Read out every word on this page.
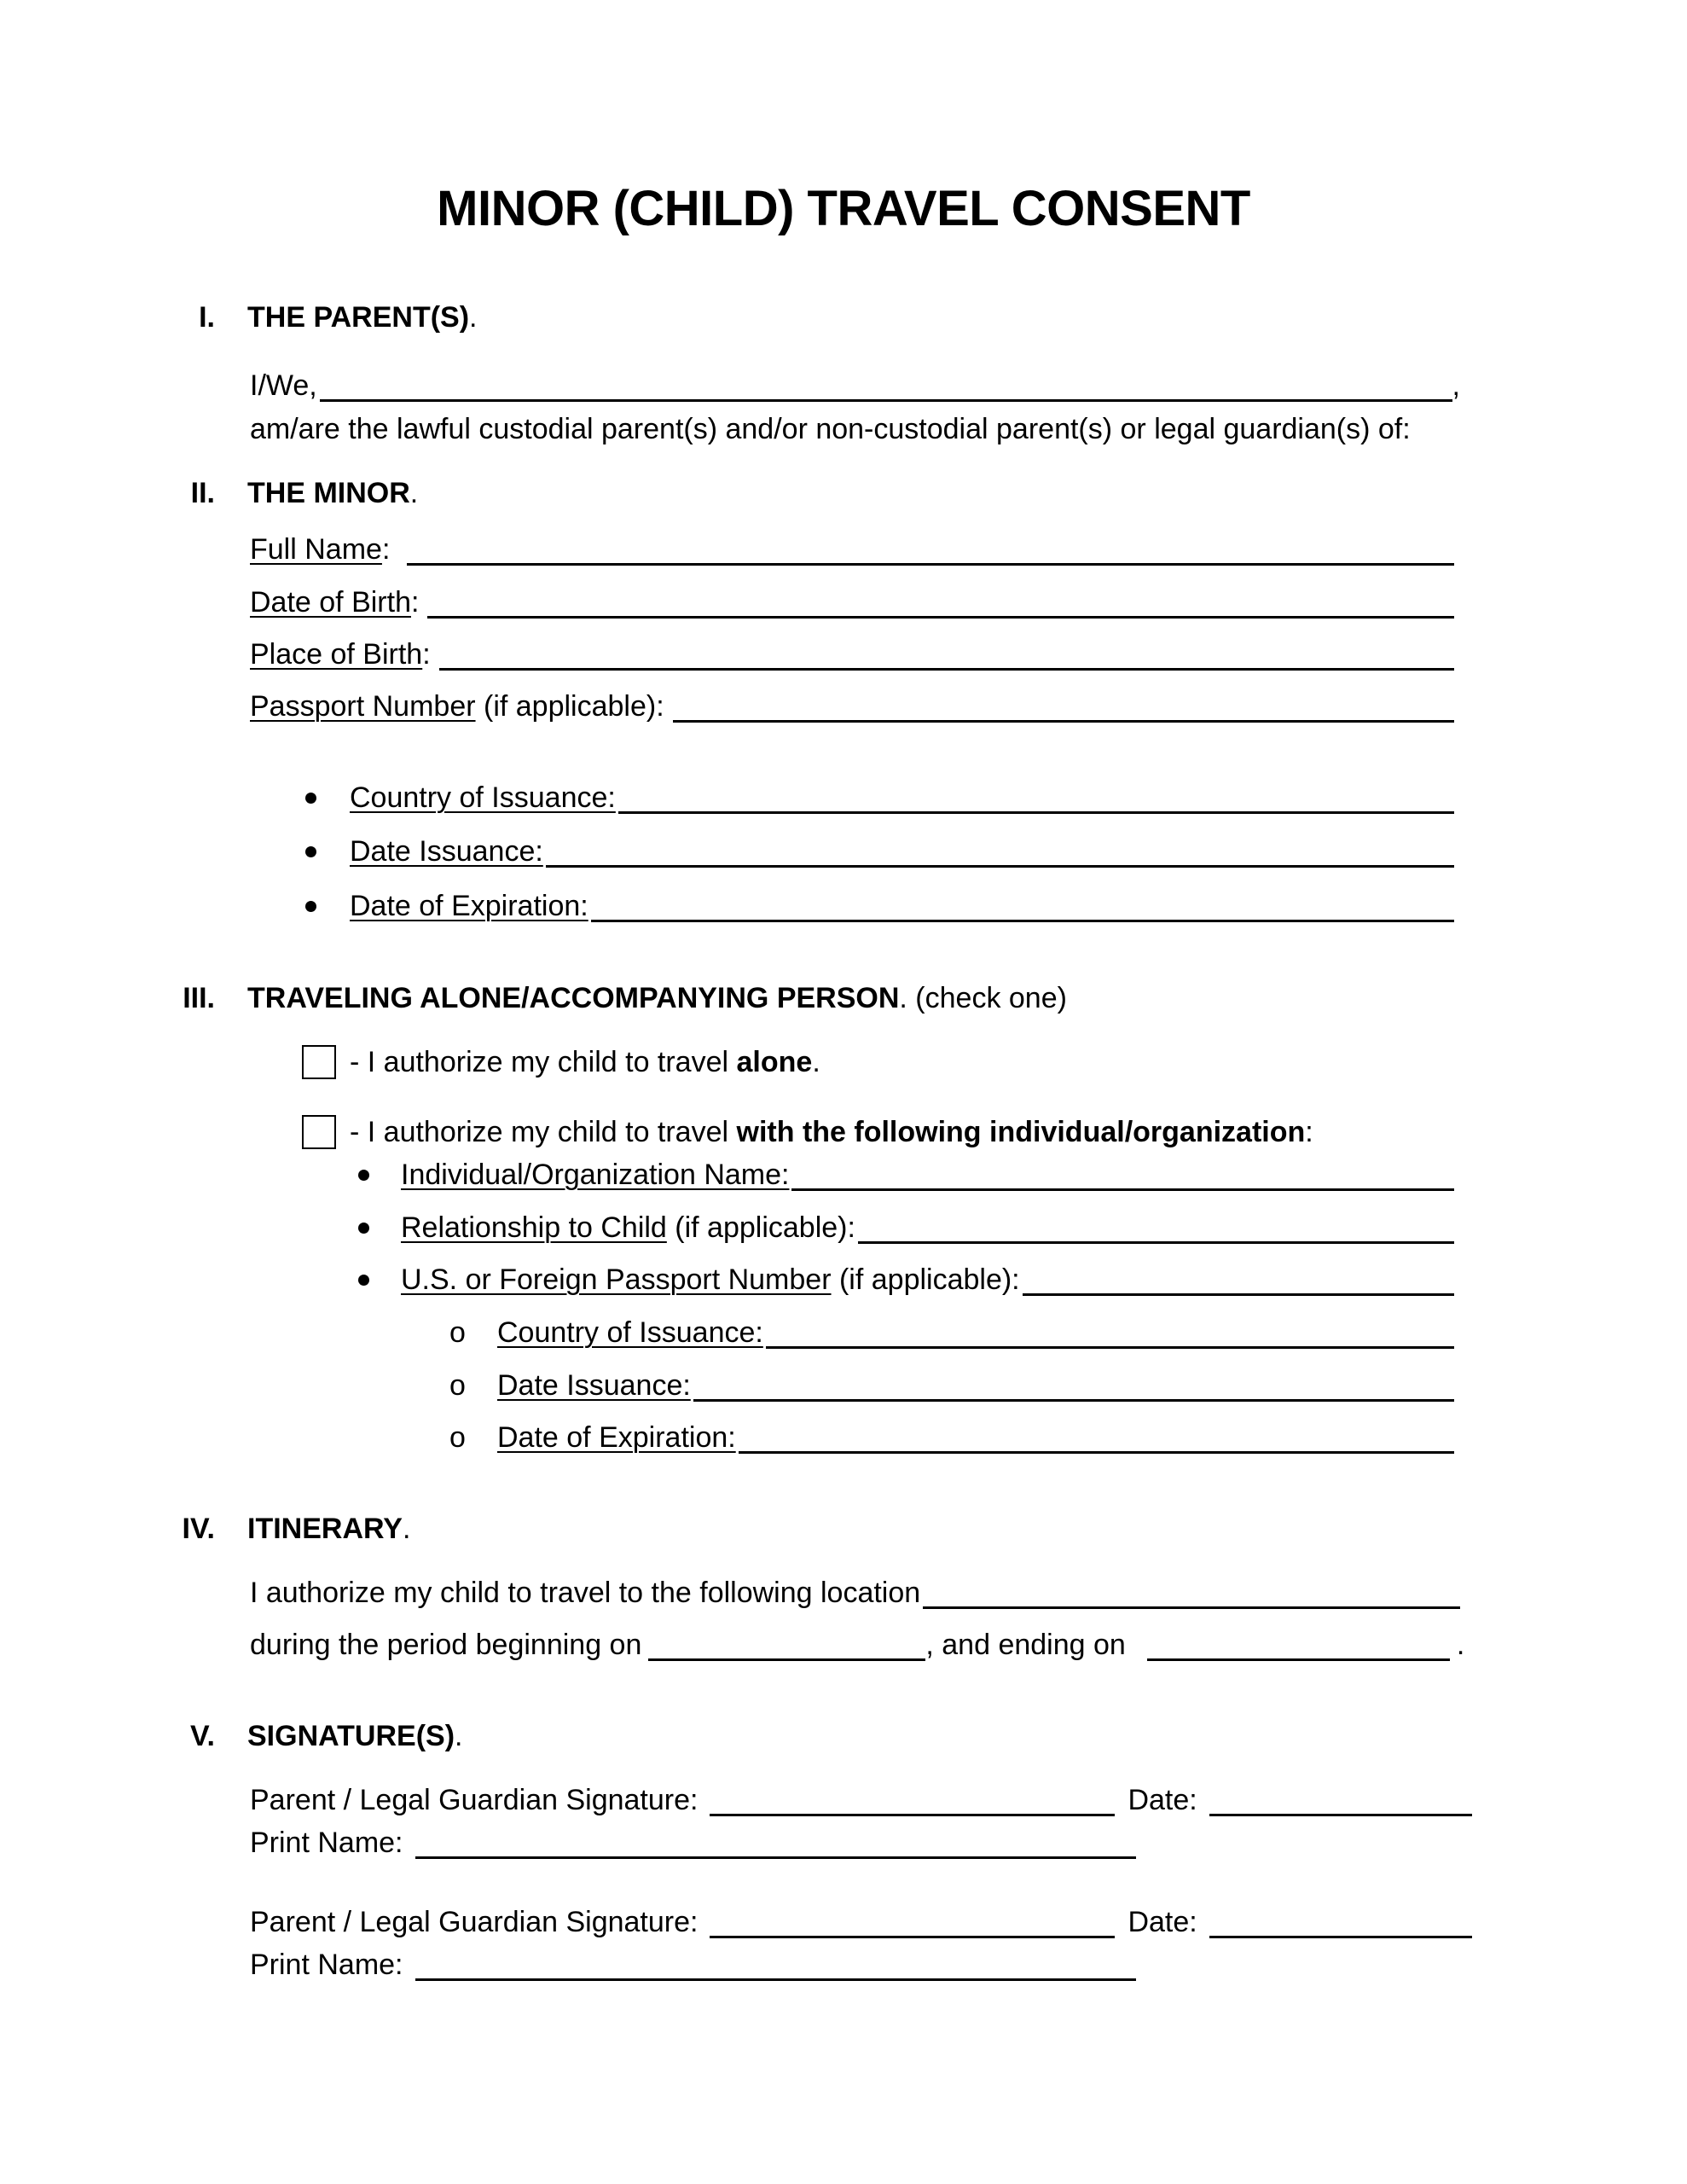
MINOR (CHILD) TRAVEL CONSENT
I. THE PARENT(S) .
I/We,	,
am/are the lawful custodial parent(s) and/or non-custodial parent(s) or legal guardian(s) of:
II. THE MINOR .
Full Name :
Date of Birth :
Place of Birth :
Passport Number (if applicable):
Country of Issuance:
Date Issuance:
Date of Expiration:
III. TRAVELING ALONE/ACCOMPANYING PERSON . (check one)
- I authorize my child to travel alone .
- I authorize my child to travel with the following individual/organization :
Individual/Organization Name:
Relationship to Child (if applicable):
U.S. or Foreign Passport Number (if applicable):
o	Country of Issuance:
o	Date Issuance:
o	Date of Expiration:
IV. ITINERARY .
I authorize my child to travel to the following location
during the period beginning on	, and ending on	.
V. SIGNATURE(S) .
Parent / Legal Guardian Signature:	Date:
Print Name:
Parent / Legal Guardian Signature:	Date:
Print Name:
